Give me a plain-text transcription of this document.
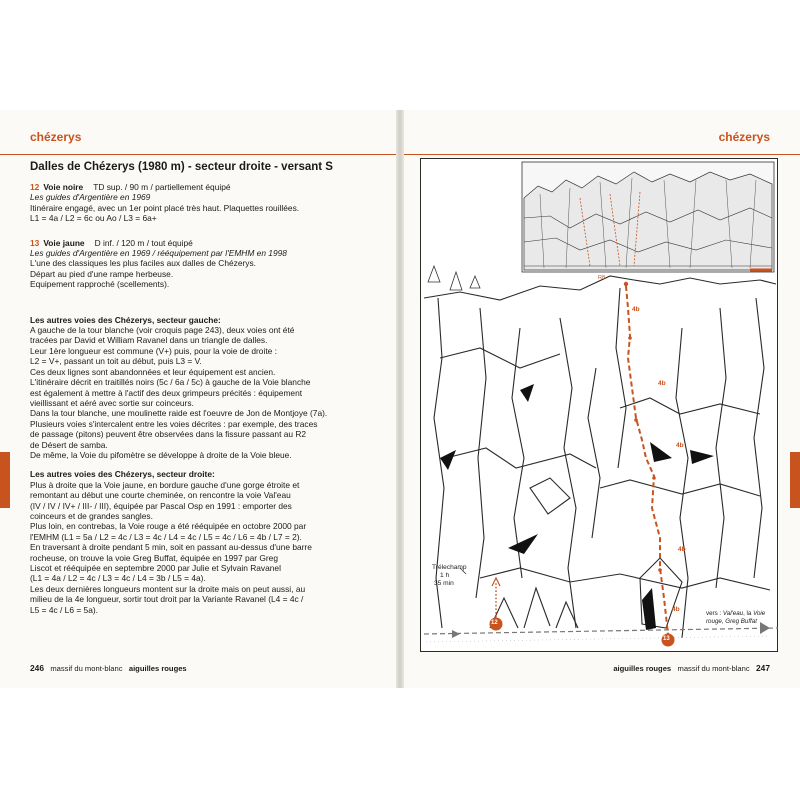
chézerys
Dalles de Chézerys (1980 m) - secteur droite - versant S
12 Voie noire TD sup. / 90 m / partiellement équipé
Les guides d'Argentière en 1969
Itinéraire engagé, avec un 1er point placé très haut. Plaquettes rouillées.
L1 = 4a / L2 = 6c ou Ao / L3 = 6a+
13 Voie jaune D inf. / 120 m / tout équipé
Les guides d'Argentière en 1969 / rééquipement par l'EMHM en 1998
L'une des classiques les plus faciles aux dalles de Chézerys.
Départ au pied d'une rampe herbeuse.
Equipement rapproché (scellements).
Les autres voies des Chézerys, secteur gauche:
A gauche de la tour blanche (voir croquis page 243), deux voies ont été
tracées par David et William Ravanel dans un triangle de dalles.
Leur 1ère longueur est commune (V+) puis, pour la voie de droite :
L2 = V+, passant un toit au début, puis L3 = V.
Ces deux lignes sont abandonnées et leur équipement est ancien.
L'itinéraire décrit en traitillés noirs (5c / 6a / 5c) à gauche de la Voie blanche
est également à mettre à l'actif des deux grimpeurs précités : équipement
vieillissant et aéré avec sortie sur coinceurs.
Dans la tour blanche, une moulinette raide est l'oeuvre de Jon de Montjoye (7a).
Plusieurs voies s'intercalent entre les voies décrites : par exemple, des traces
de passage (pitons) peuvent être observées dans la fissure passant au R2
de Désert de samba.
De même, la Voie du pifomètre se développe à droite de la Voie bleue.
Les autres voies des Chézerys, secteur droite:
Plus à droite que la Voie jaune, en bordure gauche d'une gorge étroite et
remontant au début une courte cheminée, on rencontre la voie Val'eau
(IV / IV / IV+ / III- / III), équipée par Pascal Osp en 1991 : emporter des
coinceurs et de grandes sangles.
Plus loin, en contrebas, la Voie rouge a été rééquipée en octobre 2000 par
l'EMHM (L1 = 5a / L2 = 4c / L3 = 4c / L4 = 4c / L5 = 4c / L6 = 4b / L7 = 2).
En traversant à droite pendant 5 min, soit en passant au-dessus d'une barre
rocheuse, on trouve la voie Greg Buffat, équipée en 1997 par Greg
Liscot et rééquipée en septembre 2000 par Julie et Sylvain Ravanel
(L1 = 4a / L2 = 4c / L3 = 4c / L4 = 3b / L5 = 4a).
Les deux dernières longueurs montent sur la droite mais on peut aussi, au
milieu de la 4e longueur, sortir tout droit par la Variante Ravanel (L4 = 4c /
L5 = 4c / L6 = 5a).
246 massif du mont-blanc aiguilles rouges
chézerys
R8
4b
4b
4b
4b
4b
12
13
Trélechamp
1 h
35 min
vers : Val'eau, la Voie rouge, Greg Buffat
aiguilles rouges massif du mont-blanc 247
